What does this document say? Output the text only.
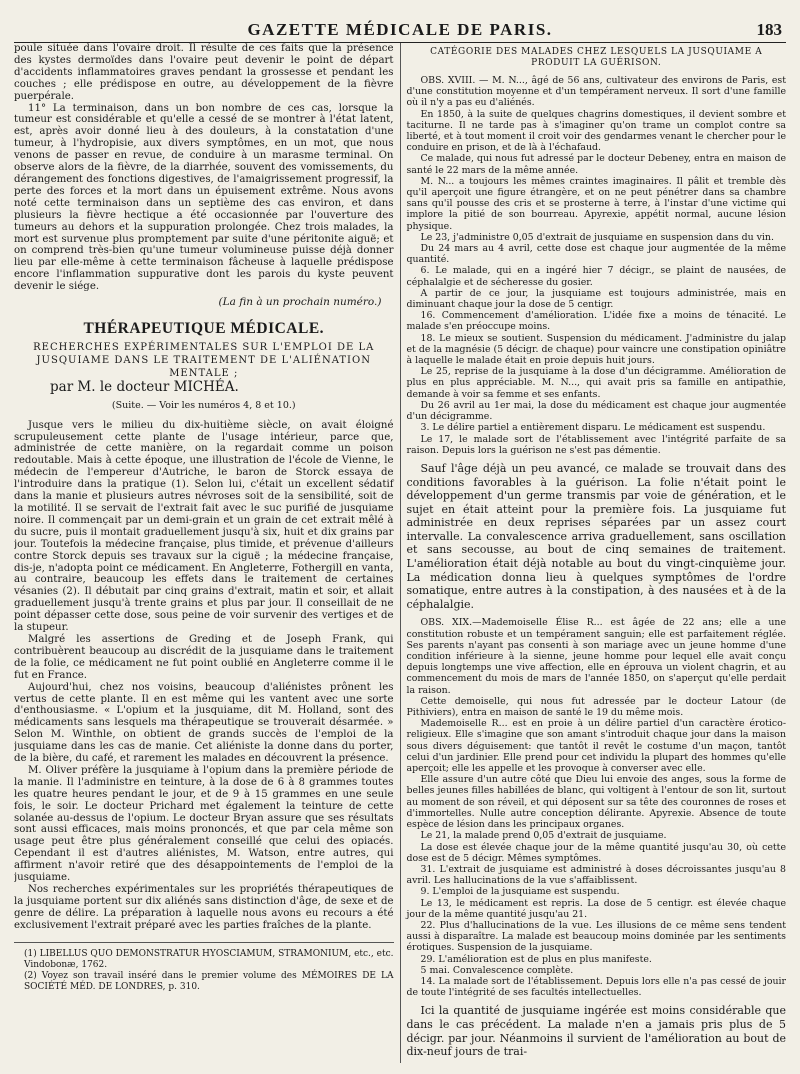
GAZETTE MÉDICALE DE PARIS.	183

poule située dans l'ovaire droit. Il résulte de ces faits que la présence des kystes dermoïdes dans l'ovaire peut devenir le point de départ d'accidents inflammatoires graves pendant la grossesse et pendant les couches ; elle prédispose en outre, au développement de la fièvre puerpérale.

11° La terminaison, dans un bon nombre de ces cas, lorsque la tumeur est considérable et qu'elle a cessé de se montrer à l'état latent, est, après avoir donné lieu à des douleurs, à la constatation d'une tumeur, à l'hydropisie, aux divers symptômes, en un mot, que nous venons de passer en revue, de conduire à un marasme terminal. On observe alors de la fièvre, de la diarrhée, souvent des vomissements, du dérangement des fonctions digestives, de l'amaigrissement progressif, la perte des forces et la mort dans un épuisement extrême. Nous avons noté cette terminaison dans un septième des cas environ, et dans plusieurs la fièvre hectique a été occasionnée par l'ouverture des tumeurs au dehors et la suppuration prolongée. Chez trois malades, la mort est survenue plus promptement par suite d'une péritonite aiguë; et on comprend très-bien qu'une tumeur volumineuse puisse déjà donner lieu par elle-même à cette terminaison fâcheuse à laquelle prédispose encore l'inflammation suppurative dont les parois du kyste peuvent devenir le siége.

(La fin à un prochain numéro.)
THÉRAPEUTIQUE MÉDICALE.
RECHERCHES EXPÉRIMENTALES SUR L'EMPLOI DE LA JUSQUIAME DANS LE TRAITEMENT DE L'ALIÉNATION MENTALE ;
par M. le docteur MICHÉA.
(Suite. — Voir les numéros 4, 8 et 10.)

Jusque vers le milieu du dix-huitième siècle, on avait éloigné scrupuleusement cette plante de l'usage intérieur, parce que, administrée de cette manière, on la regardait comme un poison redoutable. Mais à cette époque, une illustration de l'école de Vienne, le médecin de l'empereur d'Autriche, le baron de Storck essaya de l'introduire dans la pratique (1). Selon lui, c'était un excellent sédatif dans la manie et plusieurs autres névroses soit de la sensibilité, soit de la motilité. Il se servait de l'extrait fait avec le suc purifié de jusquiame noire. Il commençait par un demi-grain et un grain de cet extrait mêlé à du sucre, puis il montait graduellement jusqu'à six, huit et dix grains par jour. Toutefois la médecine française, plus timide, et prévenue d'ailleurs contre Storck depuis ses travaux sur la ciguë ; la médecine française, dis-je, n'adopta point ce médicament. En Angleterre, Fothergill en vanta, au contraire, beaucoup les effets dans le traitement de certaines vésanies (2). Il débutait par cinq grains d'extrait, matin et soir, et allait graduellement jusqu'à trente grains et plus par jour. Il conseillait de ne point dépasser cette dose, sous peine de voir survenir des vertiges et de la stupeur.

Malgré les assertions de Greding et de Joseph Frank, qui contribuèrent beaucoup au discrédit de la jusquiame dans le traitement de la folie, ce médicament ne fut point oublié en Angleterre comme il le fut en France.

Aujourd'hui, chez nos voisins, beaucoup d'aliénistes prônent les vertus de cette plante. Il en est même qui les vantent avec une sorte d'enthousiasme. « L'opium et la jusquiame, dit M. Holland, sont des médicaments sans lesquels ma thérapeutique se trouverait désarmée. » Selon M. Winthle, on obtient de grands succès de l'emploi de la jusquiame dans les cas de manie. Cet aliéniste la donne dans du porter, de la bière, du café, et rarement les malades en découvrent la présence.

M. Oliver préfère la jusquiame à l'opium dans la première période de la manie. Il l'administre en teinture, à la dose de 6 à 8 grammes toutes les quatre heures pendant le jour, et de 9 à 15 grammes en une seule fois, le soir. Le docteur Prichard met également la teinture de cette solanée au-dessus de l'opium. Le docteur Bryan assure que ses résultats sont aussi efficaces, mais moins prononcés, et que par cela même son usage peut être plus généralement conseillé que celui des opiacés. Cependant il est d'autres aliénistes, M. Watson, entre autres, qui affirment n'avoir retiré que des désappointements de l'emploi de la jusquiame.

Nos recherches expérimentales sur les propriétés thérapeutiques de la jusquiame portent sur dix aliénés sans distinction d'âge, de sexe et de genre de délire. La préparation à laquelle nous avons eu recours a été exclusivement l'extrait préparé avec les parties fraîches de la plante.

(1) LIBELLUS QUO DEMONSTRATUR HYOSCIAMUM, STRAMONIUM, etc., etc. Vindobonæ, 1762.

(2) Voyez son travail inséré dans le premier volume des MÉMOIRES DE LA SOCIÉTÉ MÉD. DE LONDRES, p. 310.

CATÉGORIE DES MALADES CHEZ LESQUELS LA JUSQUIAME A PRODUIT LA GUÉRISON.

OBS. XVIII. — M. N..., âgé de 56 ans, cultivateur des environs de Paris, est d'une constitution moyenne et d'un tempérament nerveux. Il sort d'une famille où il n'y a pas eu d'aliénés.

En 1850, à la suite de quelques chagrins domestiques, il devient sombre et taciturne. Il ne tarde pas à s'imaginer qu'on trame un complot contre sa liberté, et à tout moment il croit voir des gendarmes venant le chercher pour le conduire en prison, et de là à l'échafaud.

Ce malade, qui nous fut adressé par le docteur Debeney, entra en maison de santé le 22 mars de la même année.

M. N... a toujours les mêmes craintes imaginaires. Il pâlit et tremble dès qu'il aperçoit une figure étrangère, et on ne peut pénétrer dans sa chambre sans qu'il pousse des cris et se prosterne à terre, à l'instar d'une victime qui implore la pitié de son bourreau. Apyrexie, appétit normal, aucune lésion physique.

Le 23, j'administre 0,05 d'extrait de jusquiame en suspension dans du vin.

Du 24 mars au 4 avril, cette dose est chaque jour augmentée de la même quantité.

6. Le malade, qui en a ingéré hier 7 décigr., se plaint de nausées, de céphalalgie et de sécheresse du gosier.

A partir de ce jour, la jusquiame est toujours administrée, mais en diminuant chaque jour la dose de 5 centigr.

16. Commencement d'amélioration. L'idée fixe a moins de ténacité. Le malade s'en préoccupe moins.

18. Le mieux se soutient. Suspension du médicament. J'administre du jalap et de la magnésie (5 décigr. de chaque) pour vaincre une constipation opiniâtre à laquelle le malade était en proie depuis huit jours.

Le 25, reprise de la jusquiame à la dose d'un décigramme. Amélioration de plus en plus appréciable. M. N..., qui avait pris sa famille en antipathie, demande à voir sa femme et ses enfants.

Du 26 avril au 1er mai, la dose du médicament est chaque jour augmentée d'un décigramme.

3. Le délire partiel a entièrement disparu. Le médicament est suspendu.

Le 17, le malade sort de l'établissement avec l'intégrité parfaite de sa raison. Depuis lors la guérison ne s'est pas démentie.

Sauf l'âge déjà un peu avancé, ce malade se trouvait dans des conditions favorables à la guérison. La folie n'était point le développement d'un germe transmis par voie de génération, et le sujet en était atteint pour la première fois. La jusquiame fut administrée en deux reprises séparées par un assez court intervalle. La convalescence arriva graduellement, sans oscillation et sans secousse, au bout de cinq semaines de traitement. L'amélioration était déjà notable au bout du vingt-cinquième jour. La médication donna lieu à quelques symptômes de l'ordre somatique, entre autres à la constipation, à des nausées et à de la céphalalgie.

OBS. XIX.—Mademoiselle Élise R... est âgée de 22 ans; elle a une constitution robuste et un tempérament sanguin; elle est parfaitement réglée. Ses parents n'ayant pas consenti à son mariage avec un jeune homme d'une condition inférieure à la sienne, jeune homme pour lequel elle avait conçu depuis longtemps une vive affection, elle en éprouva un violent chagrin, et au commencement du mois de mars de l'année 1850, on s'aperçut qu'elle perdait la raison.

Cette demoiselle, qui nous fut adressée par le docteur Latour (de Pithiviers), entra en maison de santé le 19 du même mois.

Mademoiselle R... est en proie à un délire partiel d'un caractère érotico-religieux. Elle s'imagine que son amant s'introduit chaque jour dans la maison sous divers déguisement: que tantôt il revêt le costume d'un maçon, tantôt celui d'un jardinier. Elle prend pour cet individu la plupart des hommes qu'elle aperçoit; elle les appelle et les provoque à converser avec elle.

Elle assure d'un autre côté que Dieu lui envoie des anges, sous la forme de belles jeunes filles habillées de blanc, qui voltigent à l'entour de son lit, surtout au moment de son réveil, et qui déposent sur sa tête des couronnes de roses et d'immortelles. Nulle autre conception délirante. Apyrexie. Absence de toute espèce de lésion dans les principaux organes.

Le 21, la malade prend 0,05 d'extrait de jusquiame.

La dose est élevée chaque jour de la même quantité jusqu'au 30, où cette dose est de 5 décigr. Mêmes symptômes.

31. L'extrait de jusquiame est administré à doses décroissantes jusqu'au 8 avril. Les hallucinations de la vue s'affaiblissent.

9. L'emploi de la jusquiame est suspendu.

Le 13, le médicament est repris. La dose de 5 centigr. est élevée chaque jour de la même quantité jusqu'au 21.

22. Plus d'hallucinations de la vue. Les illusions de ce même sens tendent aussi à disparaître. La malade est beaucoup moins dominée par les sentiments érotiques. Suspension de la jusquiame.

29. L'amélioration est de plus en plus manifeste.

5 mai. Convalescence complète.

14. La malade sort de l'établissement. Depuis lors elle n'a pas cessé de jouir de toute l'intégrité de ses facultés intellectuelles.

Ici la quantité de jusquiame ingérée est moins considérable que dans le cas précédent. La malade n'en a jamais pris plus de 5 décigr. par jour. Néanmoins il survient de l'amélioration au bout de dix-neuf jours de trai-
